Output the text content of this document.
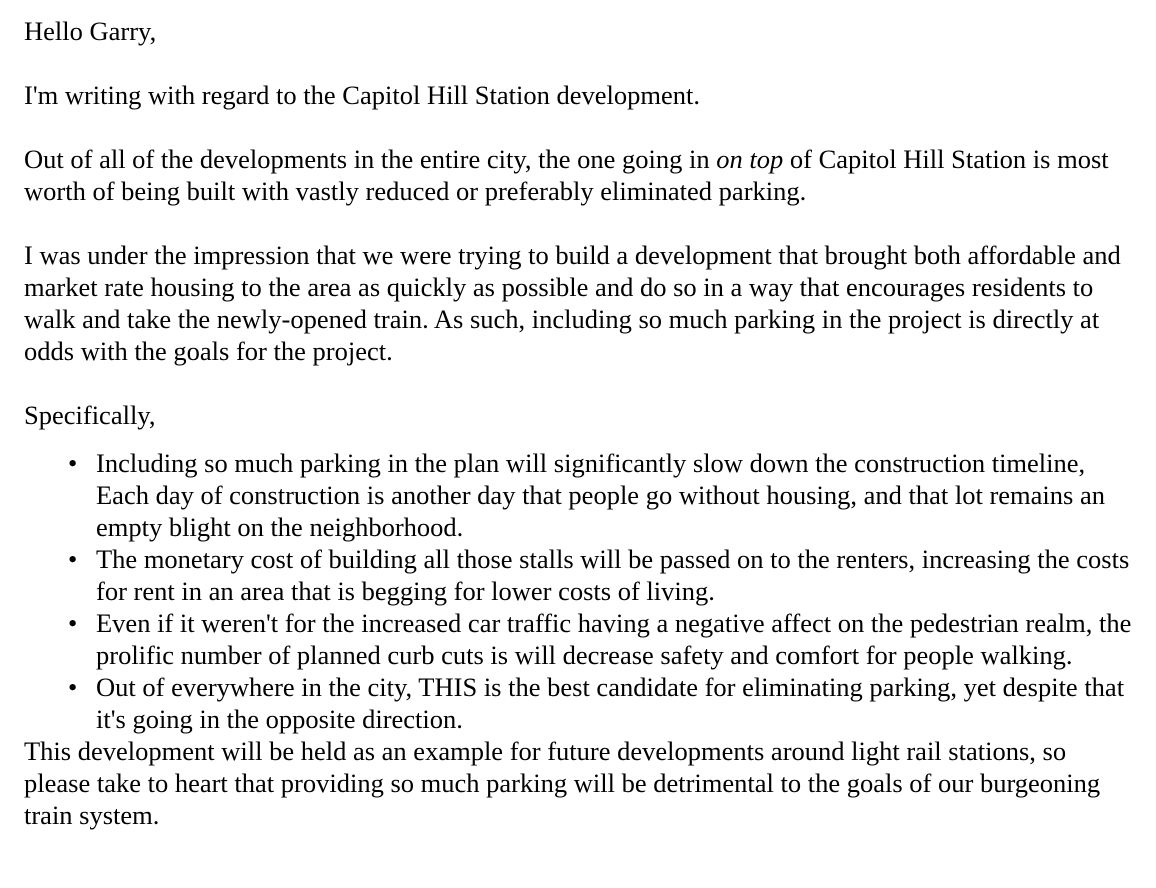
Hello Garry,

I'm writing with regard to the Capitol Hill Station development.

Out of all of the developments in the entire city, the one going in on top of Capitol Hill Station is most worth of being built with vastly reduced or preferably eliminated parking.

I was under the impression that we were trying to build a development that brought both affordable and market rate housing to the area as quickly as possible and do so in a way that encourages residents to walk and take the newly-opened train. As such, including so much parking in the project is directly at odds with the goals for the project.

Specifically,

• Including so much parking in the plan will significantly slow down the construction timeline, Each day of construction is another day that people go without housing, and that lot remains an empty blight on the neighborhood.
• The monetary cost of building all those stalls will be passed on to the renters, increasing the costs for rent in an area that is begging for lower costs of living.
• Even if it weren't for the increased car traffic having a negative affect on the pedestrian realm, the prolific number of planned curb cuts is will decrease safety and comfort for people walking.
• Out of everywhere in the city, THIS is the best candidate for eliminating parking, yet despite that it's going in the opposite direction.

This development will be held as an example for future developments around light rail stations, so please take to heart that providing so much parking will be detrimental to the goals of our burgeoning train system.
